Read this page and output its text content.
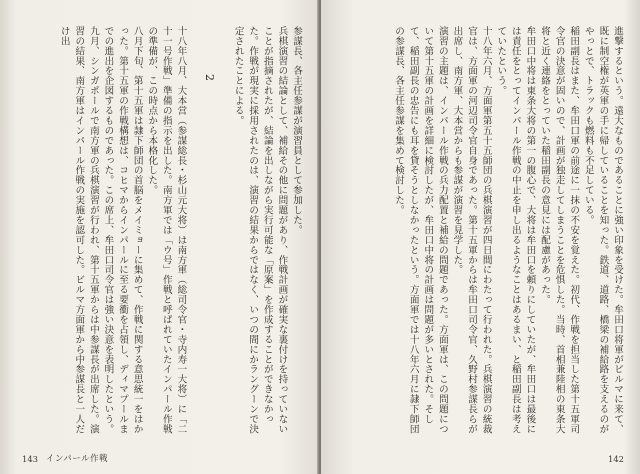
参謀長、各主任参謀が演習員として参加した。

兵棋演習の結論として、補給その他に問題があり、作戦計画が確実な裏付けを持っていないことが指摘されたが、結論を出しながら実行可能な「原案」を作成することができなかった。作戦が現実に採用されたのは、演習の結果からではなく、いつの間にかラングーンで決定されたことによる。

2

十八年八月、大本営（参謀総長・杉山元大将）は南方軍（総司令官・寺内寿一大将）に「二十一号作戦」準備の指示を出した。南方軍では「ウ号」作戦と呼ばれていたインパール作戦の準備が、この時点から本格化した。

八月下旬、第十五軍は隷下師団の首脳をメイミョーに集めて、作戦に関する意思統一をはかった。第十五軍の作戦構想は、コヒマからインパールに至る要衝を占領し、ディマプールまでの進出を企図するものであった。この席上、牟田口司令官は強い決意を表明したという。

九月、シンガポールで南方軍の兵棋演習が行われ、第十五軍からは中参謀長が出席した。演習の結果、南方軍はインパール作戦の実施を認可した。ビルマ方面軍から中参謀長と一人だけ出

143 インパール作戦

進撃するという。遠大なものであることに強い印象を受けた。牟田口将軍がビルマに来て、既に制空権が英軍の手に帰していることを知った。鉄道、道路、橋梁の補給路を支えるのがやっとで、トラックも燃料も不足している。

稲田副長はまた、牟田口軍の前途に一抹の不安を覚えた。初代、作戦を担当した第十五軍司令官の決意が固いので、計画が独走してしまうことを危惧した。当時、首相兼陸相の東条大将と近く連絡をとっていた稲田副長の意見には配慮があった。

牟田口中将は東条大将の第一の腹心で、大将は牟田口を頼りにしていたが、牟田口は最後には責任をとってインパール作戦の中止を申し出るようなことはあるまい、と稲田副長は考えていたという。

十八年六月、方面軍第五十五師団の兵棋演習が四日間にわたって行われた。兵棋演習の統裁官は、方面軍の河辺司令官自身であった。第十五軍からは牟田口司令官、久野村参謀長らが出席し、南方軍、大本営からも参謀が演習を見学した。

演習の主題は、インパール作戦の兵力配置と補給の問題であった。方面軍は、この問題について第十五軍の計画を詳細に検討したが、牟田口中将の計画は問題が多いとされた。そして、稲田副長の忠告にも耳を貸そうとしなかったという。方面軍では十八年六月に隷下師団の参謀長、各主任参謀を集めて検討した。

142
